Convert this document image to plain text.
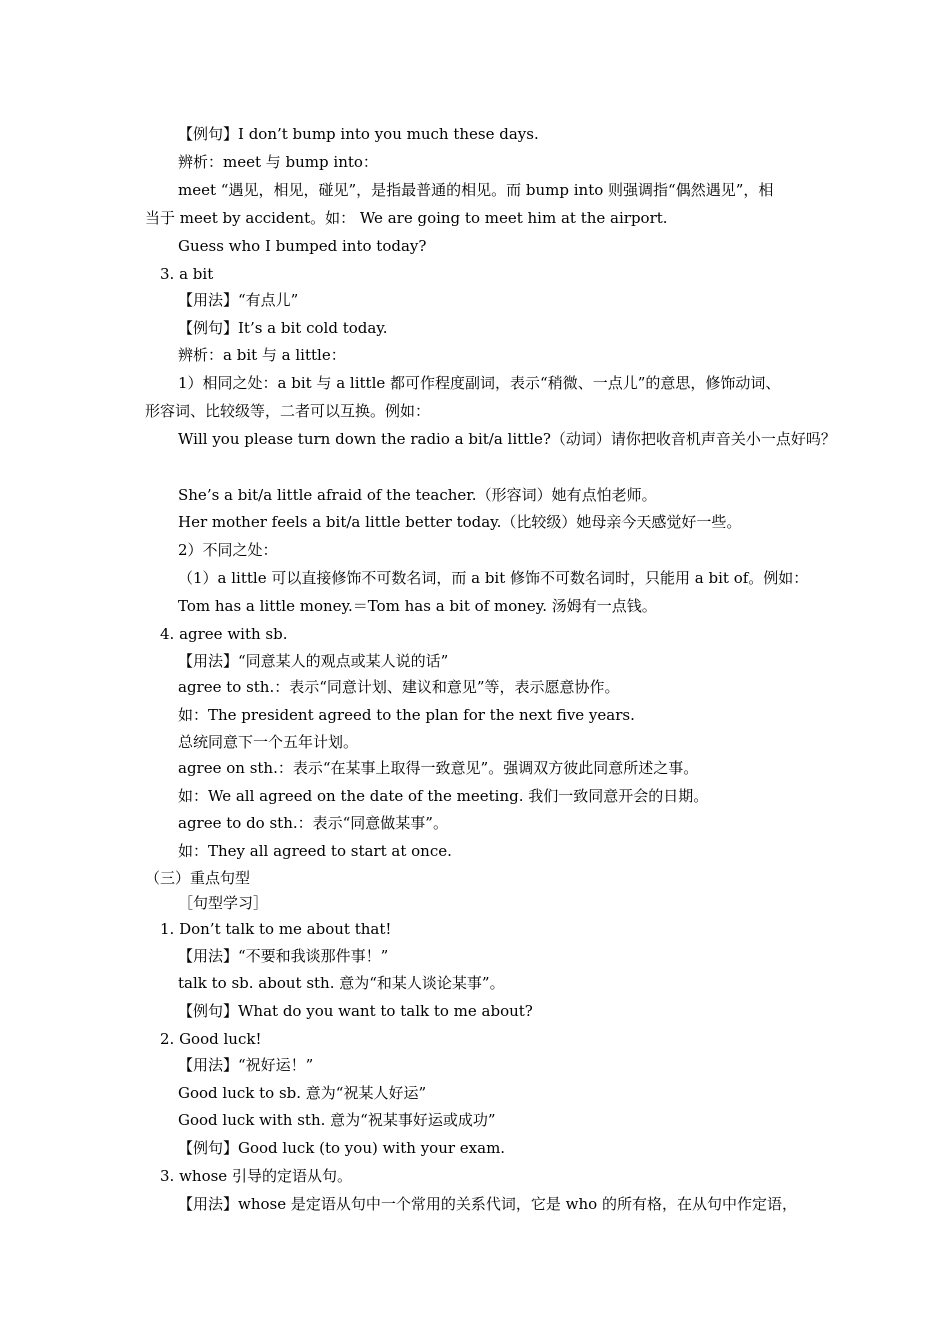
【例句】I don’t bump into you much these days.
辨析：meet 与 bump into：
meet “遇见，相见，碰见”，是指最普通的相见。而 bump into 则强调指“偶然遇见”，相
当于 meet by accident。如： We are going to meet him at the airport.
Guess who I bumped into today?
3. a bit
【用法】“有点儿”
【例句】It’s a bit cold today.
辨析：a bit 与 a little：
1）相同之处：a bit 与 a little 都可作程度副词，表示“稍微、一点儿”的意思，修饰动词、
形容词、比较级等，二者可以互换。例如：
Will you please turn down the radio a bit/a little?（动词）请你把收音机声音关小一点好吗？
She’s a bit/a little afraid of the teacher.（形容词）她有点怕老师。
Her mother feels a bit/a little better today.（比较级）她母亲今天感觉好一些。
2）不同之处：
（1）a little 可以直接修饰不可数名词，而 a bit 修饰不可数名词时，只能用 a bit of。例如：
Tom has a little money.＝Tom has a bit of money. 汤姆有一点钱。
4. agree with sb.
【用法】“同意某人的观点或某人说的话”
agree to sth.：表示“同意计划、建议和意见”等，表示愿意协作。
如：The president agreed to the plan for the next five years.
总统同意下一个五年计划。
agree on sth.：表示“在某事上取得一致意见”。强调双方彼此同意所述之事。
如：We all agreed on the date of the meeting. 我们一致同意开会的日期。
agree to do sth.：表示“同意做某事”。
如：They all agreed to start at once.
（三）重点句型
［句型学习］
1. Don’t talk to me about that!
【用法】“不要和我谈那件事！”
talk to sb. about sth. 意为“和某人谈论某事”。
【例句】What do you want to talk to me about?
2. Good luck!
【用法】“祝好运！”
Good luck to sb. 意为“祝某人好运”
Good luck with sth. 意为“祝某事好运或成功”
【例句】Good luck (to you) with your exam.
3. whose 引导的定语从句。
【用法】whose 是定语从句中一个常用的关系代词，它是 who 的所有格，在从句中作定语，
